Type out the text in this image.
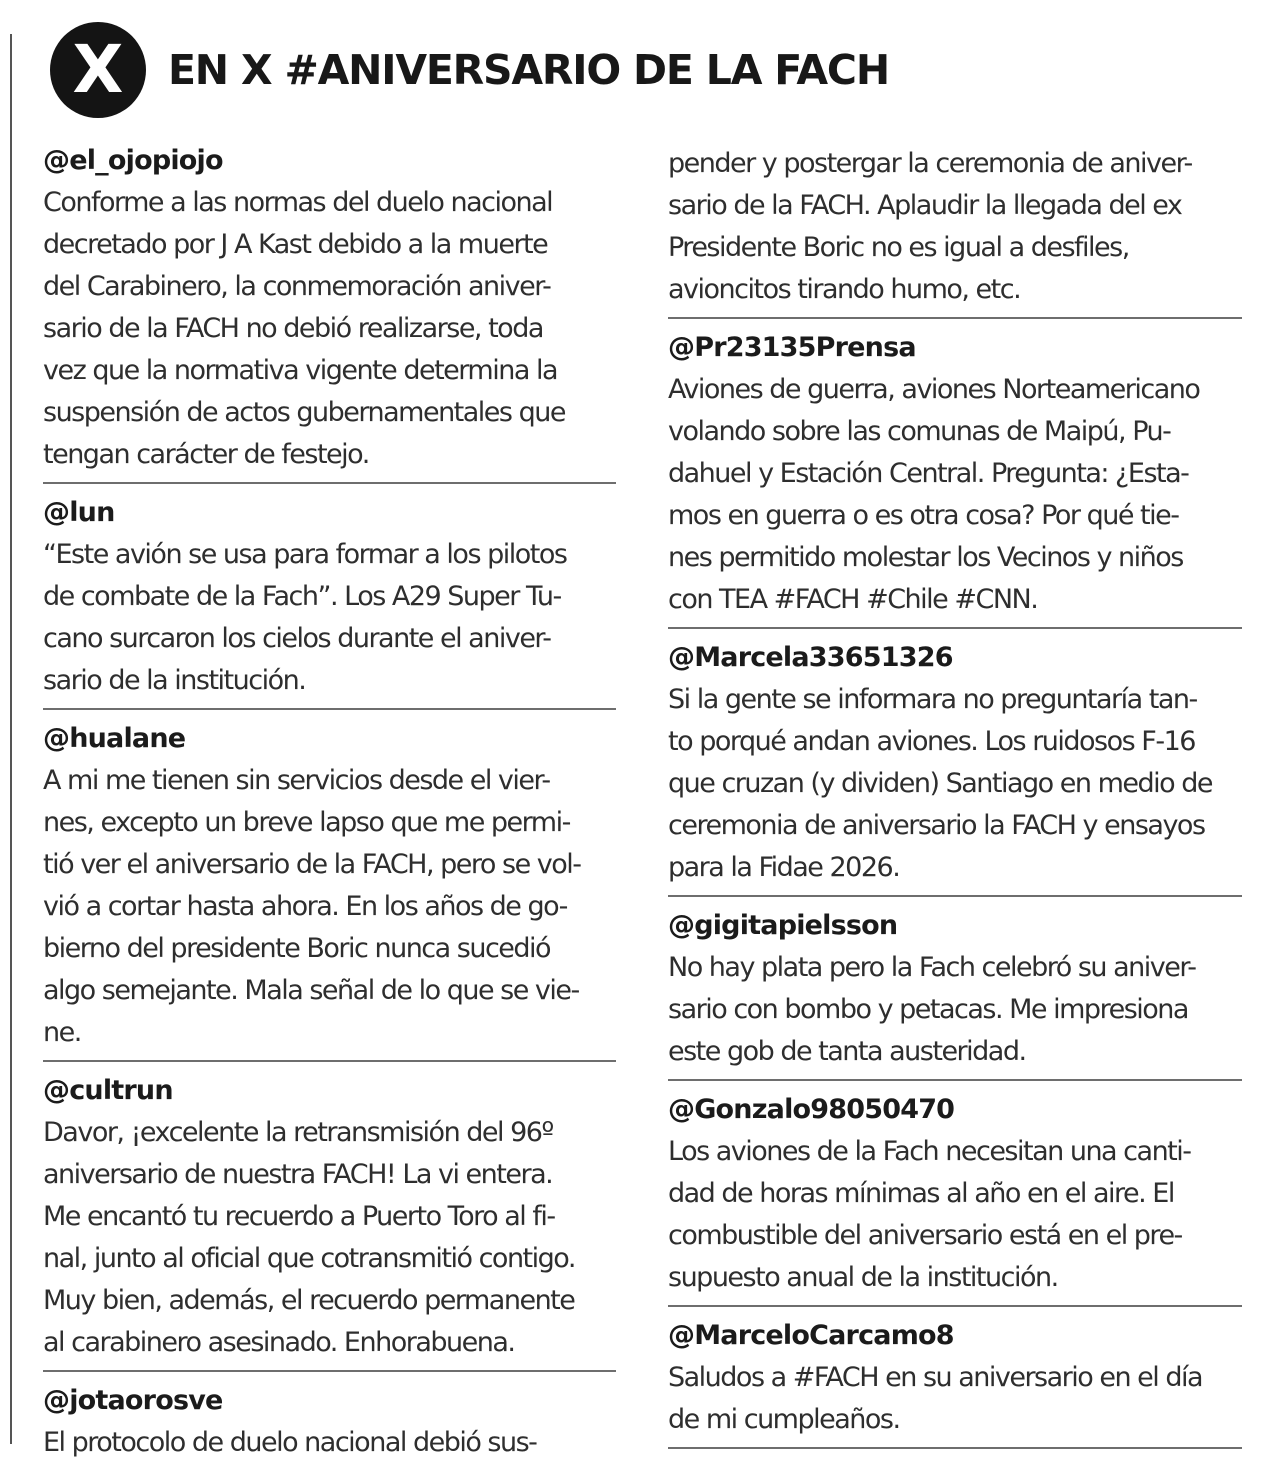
X	EN X #ANIVERSARIO DE LA FACH
@el_ojopiojo
Conforme a las normas del duelo nacional
decretado por J A Kast debido a la muerte
del Carabinero, la conmemoración aniver-
sario de la FACH no debió realizarse, toda
vez que la normativa vigente determina la
suspensión de actos gubernamentales que
tengan carácter de festejo.
@lun
“Este avión se usa para formar a los pilotos
de combate de la Fach”. Los A29 Super Tu-
cano surcaron los cielos durante el aniver-
sario de la institución.
@hualane
A mi me tienen sin servicios desde el vier-
nes, excepto un breve lapso que me permi-
tió ver el aniversario de la FACH, pero se vol-
vió a cortar hasta ahora. En los años de go-
bierno del presidente Boric nunca sucedió
algo semejante. Mala señal de lo que se vie-
ne.
@cultrun
Davor, ¡excelente la retransmisión del 96º
aniversario de nuestra FACH! La vi entera.
Me encantó tu recuerdo a Puerto Toro al fi-
nal, junto al oficial que cotransmitió contigo.
Muy bien, además, el recuerdo permanente
al carabinero asesinado. Enhorabuena.
@jotaorosve
El protocolo de duelo nacional debió sus-
pender y postergar la ceremonia de aniver-
sario de la FACH. Aplaudir la llegada del ex
Presidente Boric no es igual a desfiles,
avioncitos tirando humo, etc.
@Pr23135Prensa
Aviones de guerra, aviones Norteamericano
volando sobre las comunas de Maipú, Pu-
dahuel y Estación Central. Pregunta: ¿Esta-
mos en guerra o es otra cosa? Por qué tie-
nes permitido molestar los Vecinos y niños
con TEA #FACH #Chile #CNN.
@Marcela33651326
Si la gente se informara no preguntaría tan-
to porqué andan aviones. Los ruidosos F-16
que cruzan (y dividen) Santiago en medio de
ceremonia de aniversario la FACH y ensayos
para la Fidae 2026.
@gigitapielsson
No hay plata pero la Fach celebró su aniver-
sario con bombo y petacas. Me impresiona
este gob de tanta austeridad.
@Gonzalo98050470
Los aviones de la Fach necesitan una canti-
dad de horas mínimas al año en el aire. El
combustible del aniversario está en el pre-
supuesto anual de la institución.
@MarceloCarcamo8
Saludos a #FACH en su aniversario en el día
de mi cumpleaños.
